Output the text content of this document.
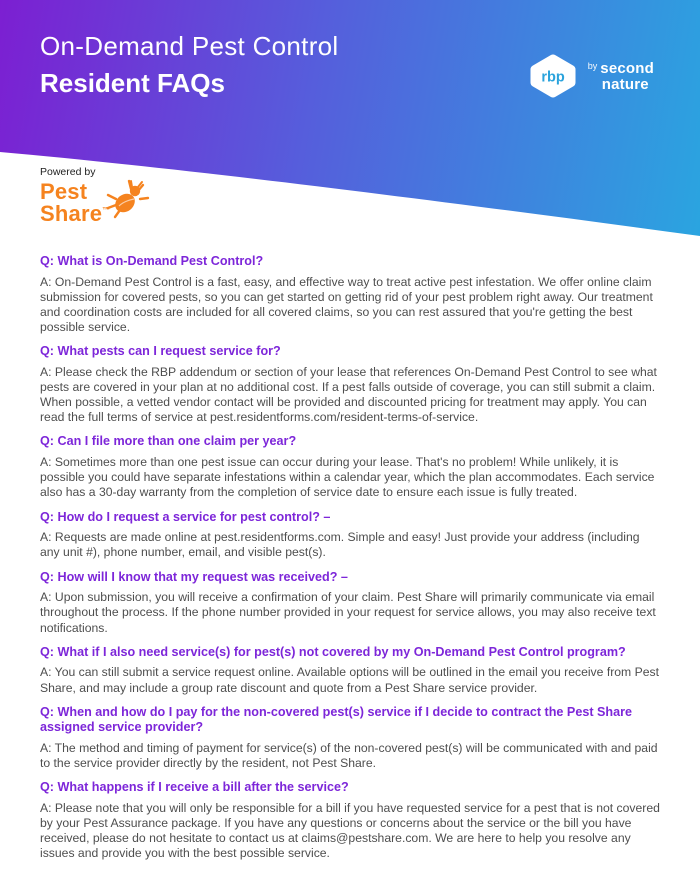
On-Demand Pest Control
Resident FAQs	rbp
by second
nature
Powered by
Pest
Share™
Q: What is On-Demand Pest Control?

A: On-Demand Pest Control is a fast, easy, and effective way to treat active pest infestation. We offer online claim submission for covered pests, so you can get started on getting rid of your pest problem right away. Our treatment and coordination costs are included for all covered claims, so you can rest assured that you're getting the best possible service.

Q: What pests can I request service for?

A: Please check the RBP addendum or section of your lease that references On-Demand Pest Control to see what pests are covered in your plan at no additional cost. If a pest falls outside of coverage, you can still submit a claim. When possible, a vetted vendor contact will be provided and discounted pricing for treatment may apply. You can read the full terms of service at pest.residentforms.com/resident-terms-of-service.

Q: Can I file more than one claim per year?

A: Sometimes more than one pest issue can occur during your lease. That's no problem! While unlikely, it is possible you could have separate infestations within a calendar year, which the plan accommodates. Each service also has a 30-day warranty from the completion of service date to ensure each issue is fully treated.

Q: How do I request a service for pest control? –

A: Requests are made online at pest.residentforms.com. Simple and easy! Just provide your address (including any unit #), phone number, email, and visible pest(s).

Q: How will I know that my request was received? –

A: Upon submission, you will receive a confirmation of your claim. Pest Share will primarily communicate via email throughout the process. If the phone number provided in your request for service allows, you may also receive text notifications.

Q: What if I also need service(s) for pest(s) not covered by my On-Demand Pest Control program?

A: You can still submit a service request online. Available options will be outlined in the email you receive from Pest Share, and may include a group rate discount and quote from a Pest Share service provider.

Q: When and how do I pay for the non-covered pest(s) service if I decide to contract the Pest Share assigned service provider?

A: The method and timing of payment for service(s) of the non-covered pest(s) will be communicated with and paid to the service provider directly by the resident, not Pest Share.

Q: What happens if I receive a bill after the service?

A: Please note that you will only be responsible for a bill if you have requested service for a pest that is not covered by your Pest Assurance package. If you have any questions or concerns about the service or the bill you have received, please do not hesitate to contact us at claims@pestshare.com. We are here to help you resolve any issues and provide you with the best possible service.
